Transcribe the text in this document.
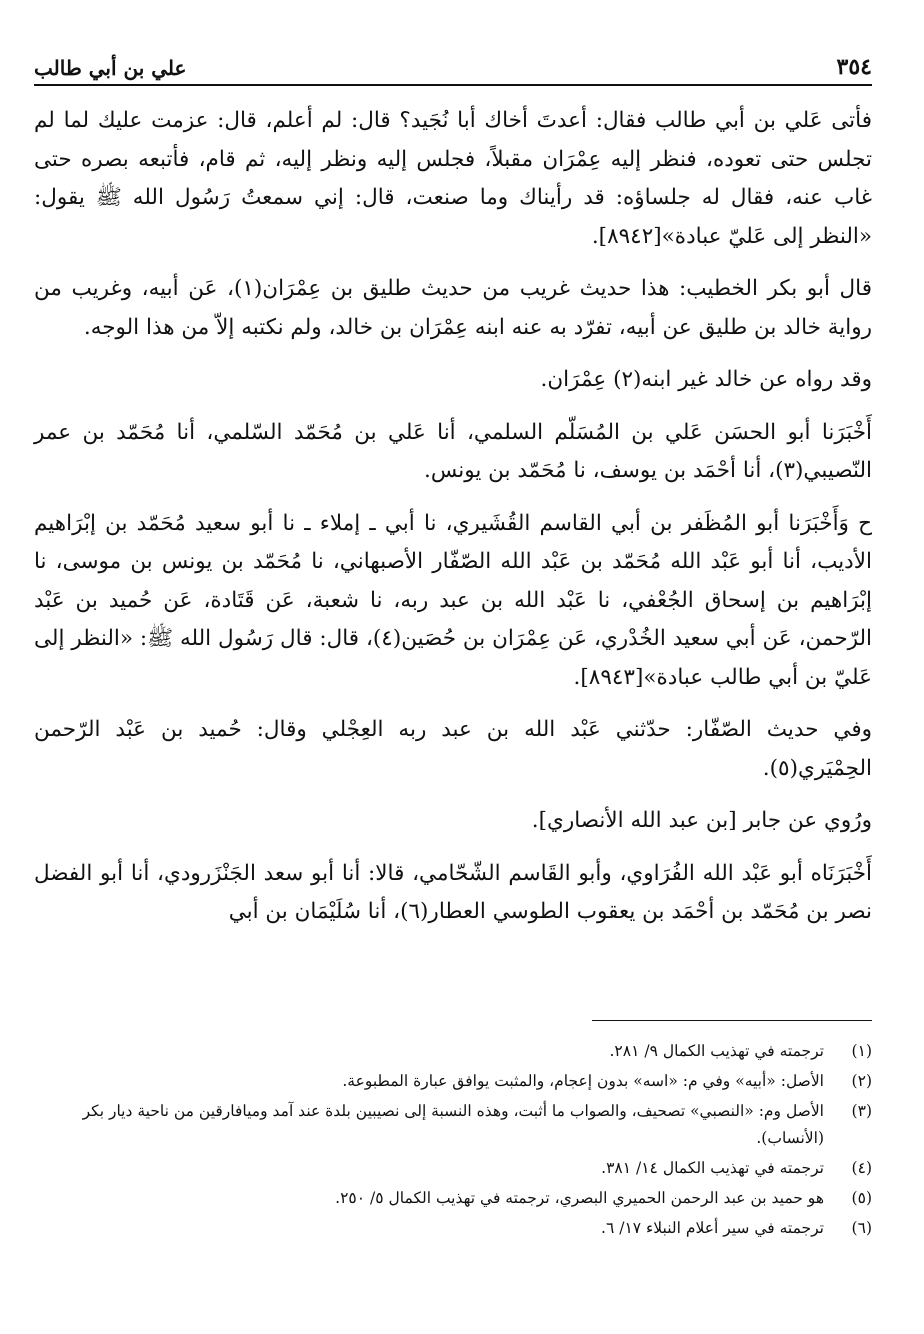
٣٥٤
علي بن أبي طالب

فأتى عَلي بن أبي طالب فقال: أعدتَ أخاك أبا نُجَيد؟ قال: لم أعلم، قال: عزمت عليك لما لم تجلس حتى تعوده، فنظر إليه عِمْرَان مقبلاً، فجلس إليه ونظر إليه، ثم قام، فأتبعه بصره حتى غاب عنه، فقال له جلساؤه: قد رأيناك وما صنعت، قال: إني سمعتُ رَسُول الله ﷺ يقول: «النظر إلى عَليّ عبادة»[٨٩٤٢].

قال أبو بكر الخطيب: هذا حديث غريب من حديث طليق بن عِمْرَان(١)، عَن أبيه، وغريب من رواية خالد بن طليق عن أبيه، تفرّد به عنه ابنه عِمْرَان بن خالد، ولم نكتبه إلاّ من هذا الوجه.

وقد رواه عن خالد غير ابنه(٢) عِمْرَان.

أَخْبَرَنا أبو الحسَن عَلي بن المُسَلّم السلمي، أنا عَلي بن مُحَمّد السّلمي، أنا مُحَمّد بن عمر النّصيبي(٣)، أنا أحْمَد بن يوسف، نا مُحَمّد بن يونس.

ح وَأَخْبَرَنا أبو المُظَفر بن أبي القاسم القُشَيري، نا أبي ـ إملاء ـ نا أبو سعيد مُحَمّد بن إبْرَاهيم الأديب، أنا أبو عَبْد الله مُحَمّد بن عَبْد الله الصّفّار الأصبهاني، نا مُحَمّد بن يونس بن موسى، نا إبْرَاهيم بن إسحاق الجُعْفي، نا عَبْد الله بن عبد ربه، نا شعبة، عَن قَتَادة، عَن حُميد بن عَبْد الرّحمن، عَن أبي سعيد الخُدْري، عَن عِمْرَان بن حُصَين(٤)، قال: قال رَسُول الله ﷺ: «النظر إلى عَليّ بن أبي طالب عبادة»[٨٩٤٣].

وفي حديث الصّفّار: حدّثني عَبْد الله بن عبد ربه العِجْلي وقال: حُميد بن عَبْد الرّحمن الحِمْيَري(٥).

ورُوي عن جابر [بن عبد الله الأنصاري].

أَخْبَرَنَاه أبو عَبْد الله الفُرَاوي، وأبو القَاسم الشّحّامي، قالا: أنا أبو سعد الجَنْزَرودي، أنا أبو الفضل نصر بن مُحَمّد بن أحْمَد بن يعقوب الطوسي العطار(٦)، أنا سُلَيْمَان بن أبي

(١)
ترجمته في تهذيب الكمال ٩/ ٢٨١.
(٢)
الأصل: «أبيه» وفي م: «اسه» بدون إعجام، والمثبت يوافق عبارة المطبوعة.
(٣)
الأصل وم: «النصبي» تصحيف، والصواب ما أثبت، وهذه النسبة إلى نصيبين بلدة عند آمد وميافارقين من ناحية ديار بكر (الأنساب).
(٤)
ترجمته في تهذيب الكمال ١٤/ ٣٨١.
(٥)
هو حميد بن عبد الرحمن الحميري البصري، ترجمته في تهذيب الكمال ٥/ ٢٥٠.
(٦)
ترجمته في سير أعلام النبلاء ١٧/ ٦.
